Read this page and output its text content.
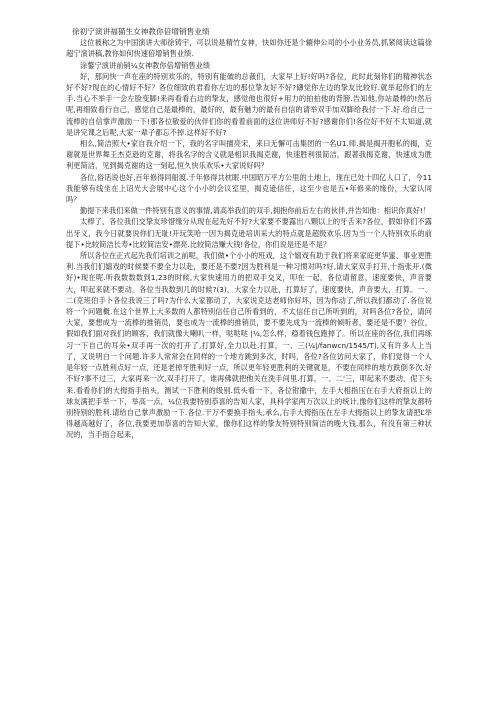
徐初宁演讲福猫生女神教你倍增销售业绩

这位被称之为中国演讲大师徐铸宇，可以说是精竹女神，快如你还是个辘伸公司的小小业务员,抓紧阅读这篇徐超宁演讲稿,教你如何快速倍增销售业绩.

涂鏊宁演讲前销¼女神教你倍增销售业绩

好，那问快一声在座的特别欢乐的，特别有能破的总裁们，大家早上好!好吗?各位，此时此刻你们的精神状态好不好?现在的心情好不好？各位细致的君看你左边的那位挚友好不好?礴觉你左边的挚友比较好.就举起你们的左手.当心不举手一会左脸变脚!来再看看右边的挚友，感觉他也很好+用力的拍拍他的背膀.告知他,你站最棒的!然后呢,再细致看行自己，感觉自己是最棒的，最好的，最有魅力的最有自信的请举双手加双脚给我付一下.好.给自己一流棒的自信掌声激励一下!那各位敬爱的伙伴们你的看着前面的这位讲师好不好?感谢你们!各位好不好不太知道,就是讲完课之后呢,大家一辈子都忘不掉.这样好不好?

相么,简洁照大•家自我介绍一下，我的名字叫擅亮宋，来曰无懈可击集团的一名U1.师.揭是揭开胞私的揭，克谢就是世界舞王杰克逊的克谢，将我名字的含义就是相识我揭克谢，快速胜利很简洁，跟著我揭克谢，快速成为胜利更简洁，见到揭克谢的这一刻起,恒久快乐欢乐•大家说好吗？

各位,俗话说也好,百年修得同船渡.千年修得共枕眠.中国昭万平方公里的土地上，现在已处十四亿人口了，今11我能够有线坐在上诏光大会展中心这个小小的会议室里，揭克逊信任，这至少也是五•年修来的缘份，大家认同吗？

勤提下来我们来做一件特别有意义的事情,请高举我们的双手,拥抱你前后左右的伙伴,并告知他：相识你真好!！

太棒了，各位我们交挚友珍惜缘分从现在起先好不好?大家要不要露出八颗以上的牙舌来?各位，假如你们不露出牙义，我今日就要说你们无耻!开玩笑哈一因为揭克逊培训采大的特点就是超级欢乐.因为当一个人特别欢乐的前提下•比较简洁长寿•比较简洁安•漂亮.比较简洁赚大钱!各位，你们说是还是不是？

所以各位在正式起先我们培训之前呢，我们做•个小小的班戏，这个嬉戏有助于我们将来家庭更华蜜、事业更胜利.当我们们嬉戏的时候要不要全力以赴，要还是不要?因为胜利是一种习惯对吗?好,请大家双手打开,十指张开.(微好)•现在呢.听我数数数到1,23的时候,大家快速用力的把双手交叉，叩在一起，各位请留意，速度要快，声音要大，叩起来就不要动。各位当我数到几的时候?(3)，大家全力以赴，打算好了，速度要快，声音要大，打算。一、二(克班伯手卜各位我说三了吗?为什么大家都动了，大家说克达老师你好坏，因为你动了,所以我们都动了.各位说将一个问题概.在这个世界上大多数的人都特别信任自己所看到的，不太信任自己所听到的，对吗各位?各位，请问大家，要想成为一流棒的推销员，要也成为一流棒的推销员，要不要先成为一流棒的倾听者，要还是不要？谷位，假如我们面对我们的顾客，我们就像大喇叭一样，哒哒哒 |¼,怎么样，稳着钱包跑掉了。所以在座的各位,我们再练习一下自己的耳朵•双手再一次的打开了,打算好,全力以赴.打算，一、三(¼|/fanwcn/1545/T),又有许多人上当了，又说明白一个问题.许多人常常会在同样的一个地方跳到多次，时吗，各位?各位访问大家了，你们觉得一个人是年轻一点胜利点好一点，还是老掉牙胜利好一点，所以更年轻更胜利的关键就是，不要在同样的地方跌倒多次.好不好?事不过三，大家再来一次,双手打开了，谁再佛就把他关在洗手间里.打算，一、二'三，叩起来不要动，伲下头来.看看你们的大拇指手指头，测试一下胜利的级别.低头看一下，各位钳撒中，左手大相指压在右手大府指以上的球友满把手举一下，举高一点，¼位我要特别恭喜的告知人家，具科学家两万次以上的统计,像你们这样的挚友都特别特别的胜利.请给自己掌声激励一下.各位.干万不要换手指头,承么,右手大拇指压在左手大拇指以上的挚友请把Ľ举得越高越好了，各位,我要更加恭喜的告知大家，像你们这样的挚友特别特别简洁的晚大钱.那么，有没有第三种状况的，当手指合起来，
